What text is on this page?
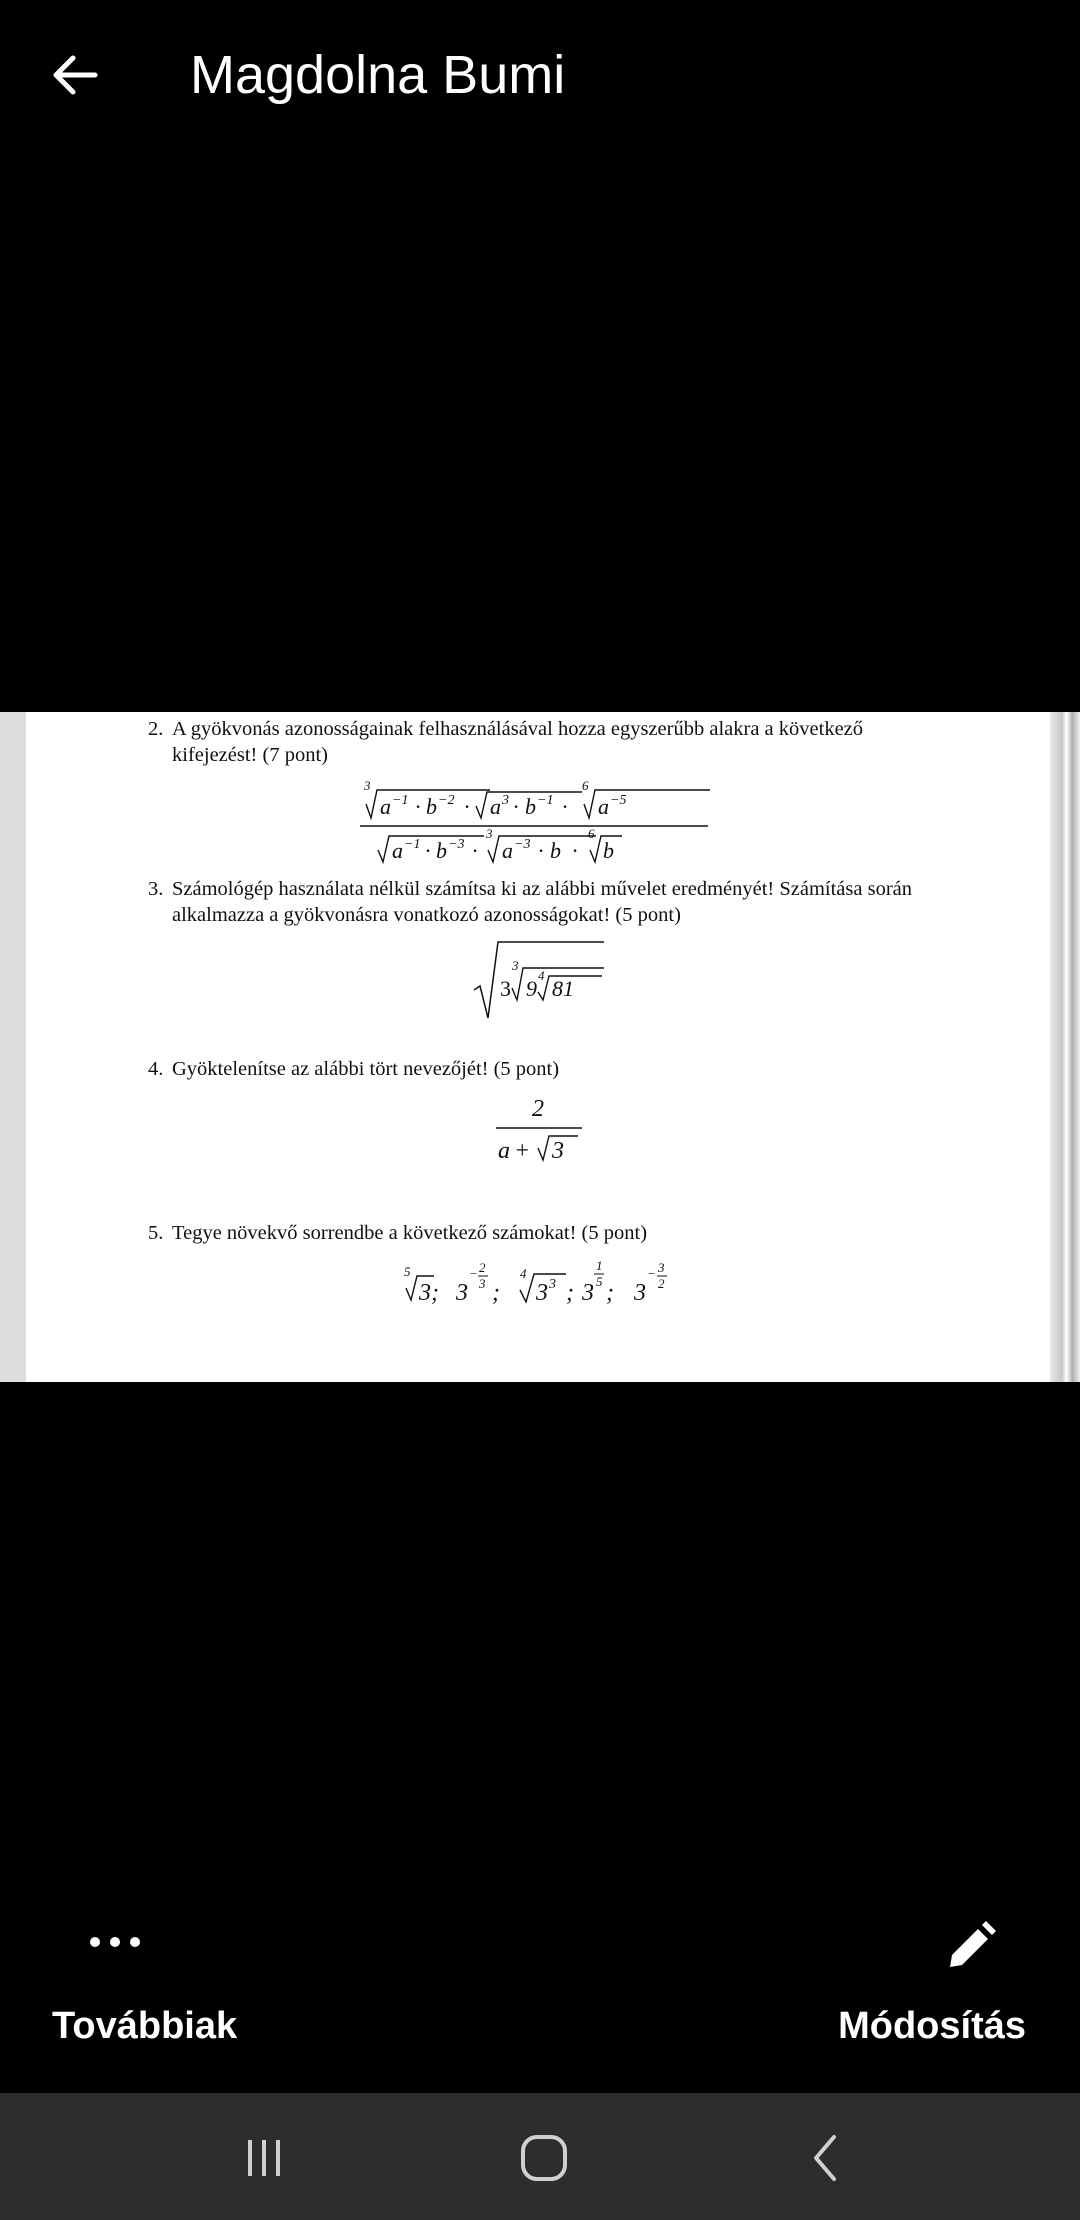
Magdolna Bumi
2. A gyökvonás azonosságainak felhasználásával hozza egyszerűbb alakra a következő kifejezést! (7 pont)
3
a −1 · b −2 · a 3 · b −1 ·
6
a −5
a −1 · b −3 ·
3
a −3 · b ·
6
b
3. Számológép használata nélkül számítsa ki az alábbi művelet eredményét! Számítása során alkalmazza a gyökvonásra vonatkozó azonosságokat! (5 pont)
3
3
9
4
81
4. Gyöktelenítse az alábbi tört nevezőjét! (5 pont)
2
a + 3
5. Tegye növekvő sorrendbe a következő számokat! (5 pont)
5
3; 3
− 2
3 ;
4
3 3 ; 3
1
5 ; 3
− 3
2
Továbbiak	Módosítás
